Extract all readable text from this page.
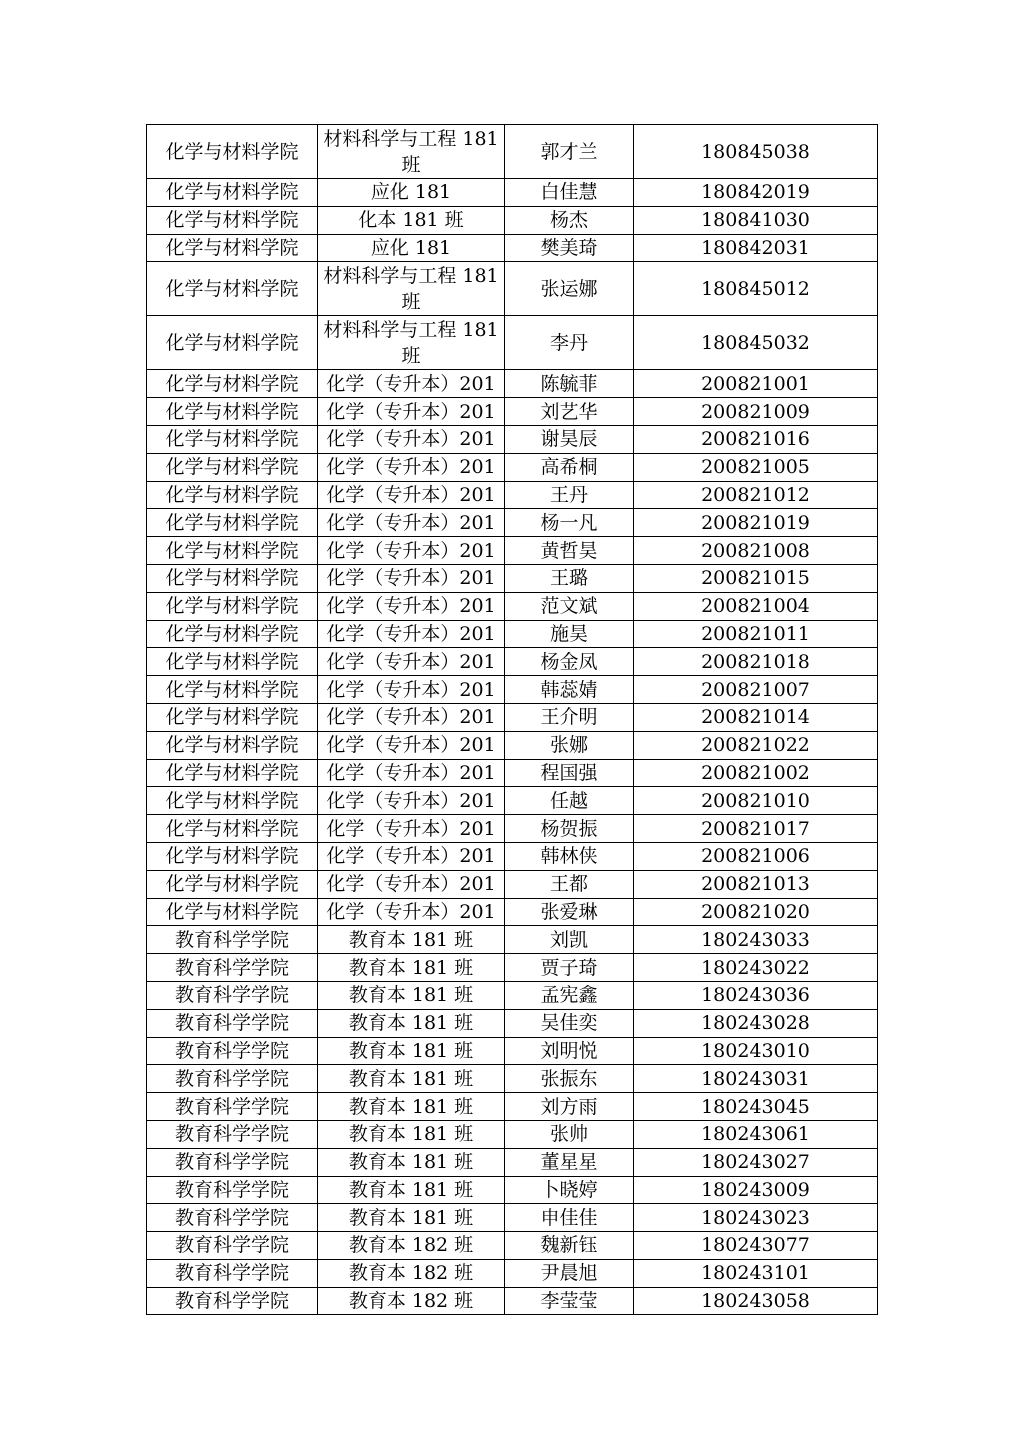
化学与材料学院	材料科学与工程 181 班	郭才兰	180845038
化学与材料学院	应化 181	白佳慧	180842019
化学与材料学院	化本 181 班	杨杰	180841030
化学与材料学院	应化 181	樊美琦	180842031
化学与材料学院	材料科学与工程 181 班	张运娜	180845012
化学与材料学院	材料科学与工程 181 班	李丹	180845032
化学与材料学院	化学（专升本）201	陈毓菲	200821001
化学与材料学院	化学（专升本）201	刘艺华	200821009
化学与材料学院	化学（专升本）201	谢昊辰	200821016
化学与材料学院	化学（专升本）201	高希桐	200821005
化学与材料学院	化学（专升本）201	王丹	200821012
化学与材料学院	化学（专升本）201	杨一凡	200821019
化学与材料学院	化学（专升本）201	黄哲昊	200821008
化学与材料学院	化学（专升本）201	王璐	200821015
化学与材料学院	化学（专升本）201	范文斌	200821004
化学与材料学院	化学（专升本）201	施昊	200821011
化学与材料学院	化学（专升本）201	杨金凤	200821018
化学与材料学院	化学（专升本）201	韩蕊婧	200821007
化学与材料学院	化学（专升本）201	王介明	200821014
化学与材料学院	化学（专升本）201	张娜	200821022
化学与材料学院	化学（专升本）201	程国强	200821002
化学与材料学院	化学（专升本）201	任越	200821010
化学与材料学院	化学（专升本）201	杨贺振	200821017
化学与材料学院	化学（专升本）201	韩林侠	200821006
化学与材料学院	化学（专升本）201	王都	200821013
化学与材料学院	化学（专升本）201	张爱琳	200821020
教育科学学院	教育本 181 班	刘凯	180243033
教育科学学院	教育本 181 班	贾子琦	180243022
教育科学学院	教育本 181 班	孟宪鑫	180243036
教育科学学院	教育本 181 班	吴佳奕	180243028
教育科学学院	教育本 181 班	刘明悦	180243010
教育科学学院	教育本 181 班	张振东	180243031
教育科学学院	教育本 181 班	刘方雨	180243045
教育科学学院	教育本 181 班	张帅	180243061
教育科学学院	教育本 181 班	董星星	180243027
教育科学学院	教育本 181 班	卜晓婷	180243009
教育科学学院	教育本 181 班	申佳佳	180243023
教育科学学院	教育本 182 班	魏新钰	180243077
教育科学学院	教育本 182 班	尹晨旭	180243101
教育科学学院	教育本 182 班	李莹莹	180243058
